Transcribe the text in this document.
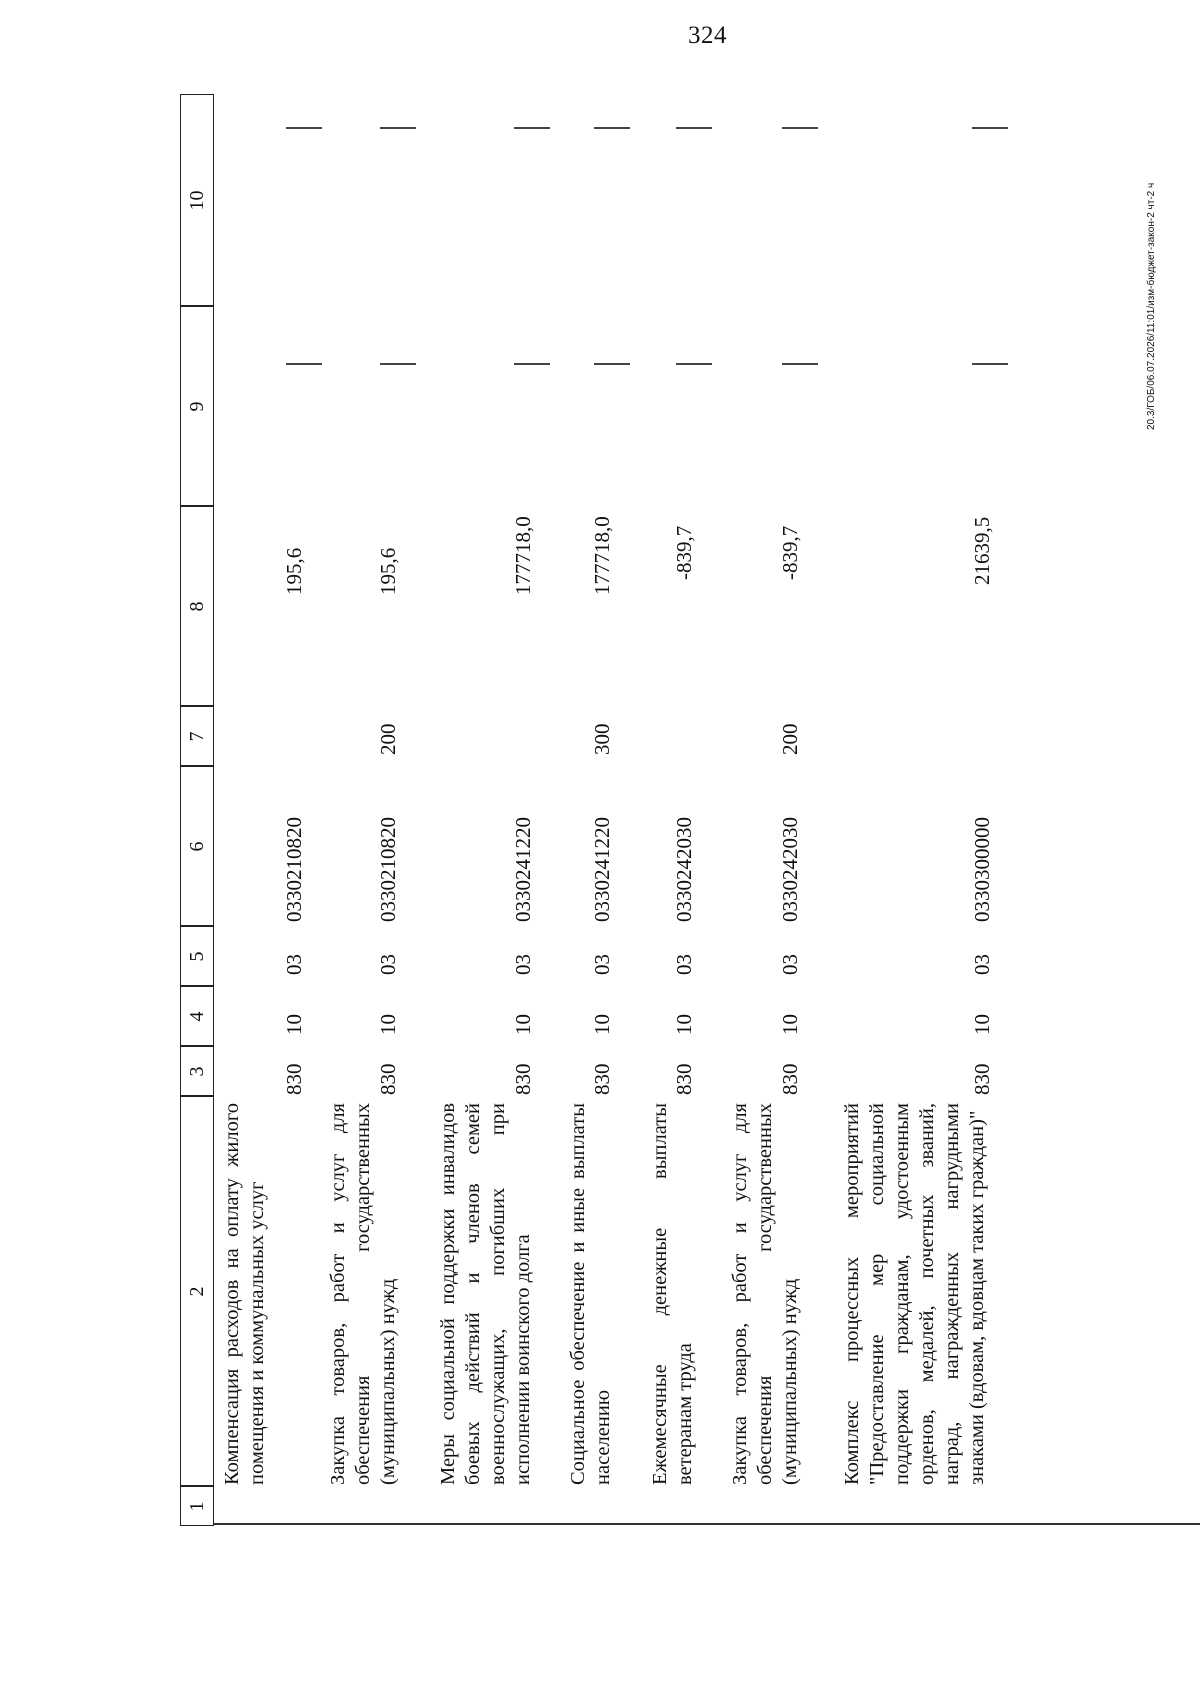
324
20.3/ГОБ/06.07.2026/11:01/изм-бюджет-закон-2 чт-2 ч
1
2
3
4
5
6
7
8
9
10
Компенсация расходов на оплату жилого помещения и коммунальных услуг
830
10
03
0330210820
195,6
Закупка товаров, работ и услуг для обеспечения государственных (муниципальных) нужд
830
10
03
0330210820
200
195,6
Меры социальной поддержки инвалидов боевых действий и членов семей военнослужащих, погибших при исполнении воинского долга
830
10
03
0330241220
177718,0
Социальное обеспечение и иные выплаты населению
830
10
03
0330241220
300
177718,0
Ежемесячные денежные выплаты ветеранам труда
830
10
03
0330242030
-839,7
Закупка товаров, работ и услуг для обеспечения государственных (муниципальных) нужд
830
10
03
0330242030
200
-839,7
Комплекс процессных мероприятий "Предоставление мер социальной поддержки гражданам, удостоенным орденов, медалей, почетных званий, наград, награжденных нагрудными знаками (вдовам, вдовцам таких граждан)"
830
10
03
0330300000
21639,5
